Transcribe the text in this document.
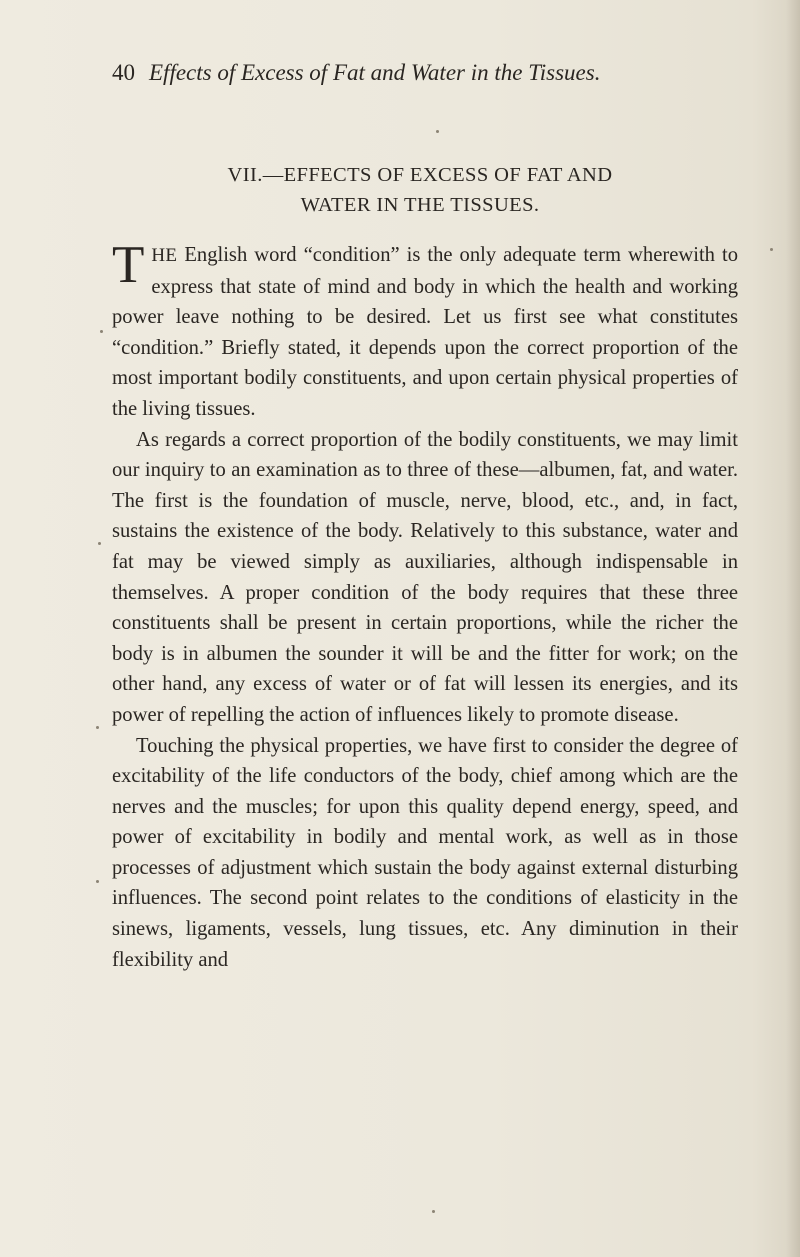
40 Effects of Excess of Fat and Water in the Tissues.
VII.—EFFECTS OF EXCESS OF FAT AND
WATER IN THE TISSUES.

THE English word “condition” is the only adequate term wherewith to express that state of mind and body in which the health and working power leave nothing to be desired. Let us first see what constitutes “condition.” Briefly stated, it depends upon the correct proportion of the most important bodily constituents, and upon certain physical properties of the living tissues.

As regards a correct proportion of the bodily constituents, we may limit our inquiry to an examination as to three of these—albumen, fat, and water. The first is the foundation of muscle, nerve, blood, etc., and, in fact, sustains the existence of the body. Relatively to this substance, water and fat may be viewed simply as auxiliaries, although indispensable in themselves. A proper condition of the body requires that these three constituents shall be present in certain proportions, while the richer the body is in albumen the sounder it will be and the fitter for work; on the other hand, any excess of water or of fat will lessen its energies, and its power of repelling the action of influences likely to promote disease.

Touching the physical properties, we have first to consider the degree of excitability of the life conductors of the body, chief among which are the nerves and the muscles; for upon this quality depend energy, speed, and power of excitability in bodily and mental work, as well as in those processes of adjustment which sustain the body against external disturbing influences. The second point relates to the conditions of elasticity in the sinews, ligaments, vessels, lung tissues, etc. Any diminution in their flexibility and
